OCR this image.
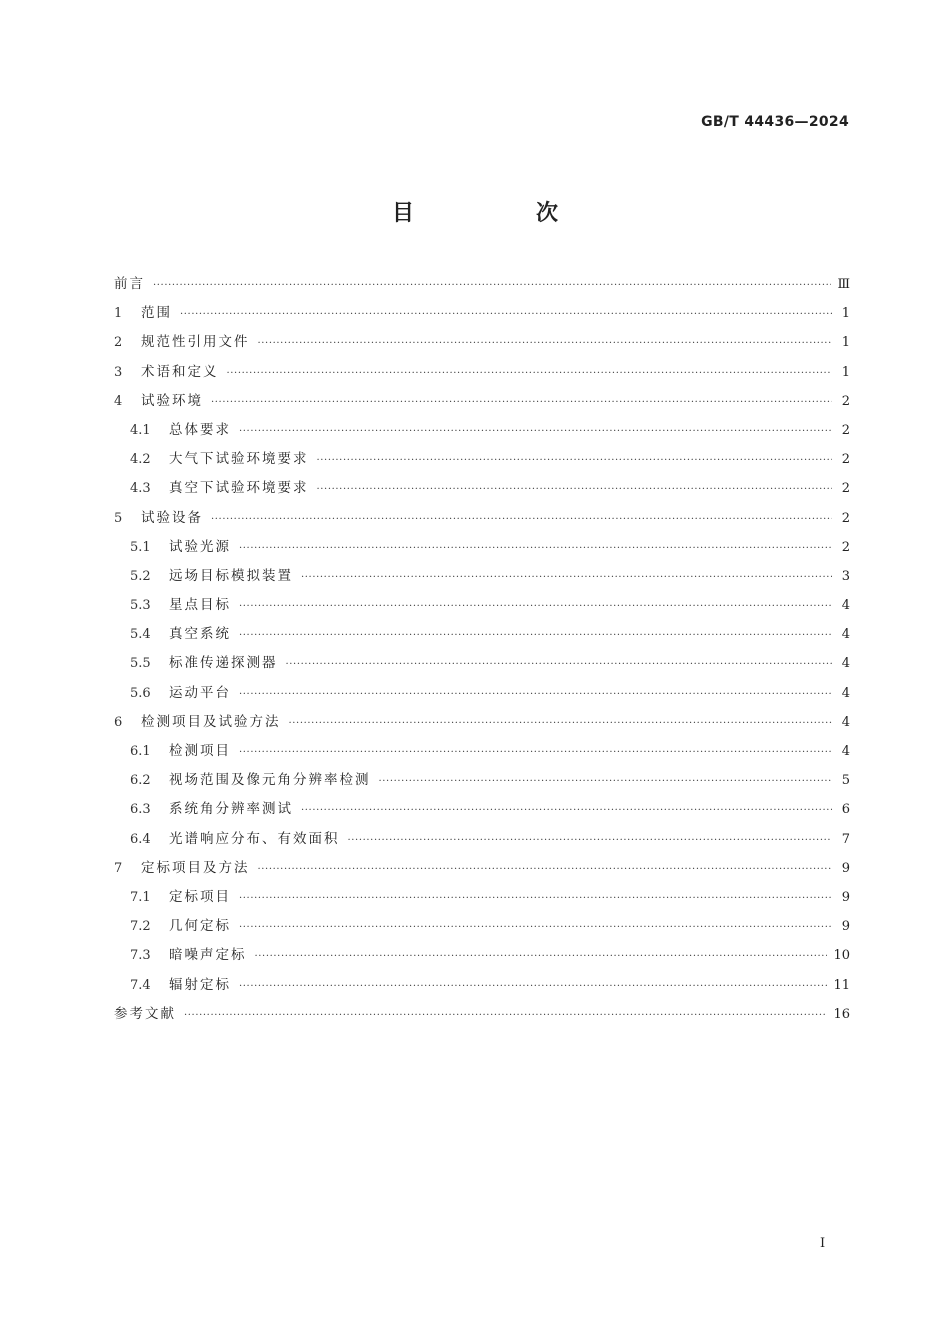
GB/T 44436—2024
目　次
前言 ·····	Ⅲ
1	范围 ·····	1
2	规范性引用文件 ·····	1
3	术语和定义 ·····	1
4	试验环境 ·····	2
4.1	总体要求 ·····	2
4.2	大气下试验环境要求 ·····	2
4.3	真空下试验环境要求 ·····	2
5	试验设备 ·····	2
5.1	试验光源 ·····	2
5.2	远场目标模拟装置 ·····	3
5.3	星点目标 ·····	4
5.4	真空系统 ·····	4
5.5	标准传递探测器 ·····	4
5.6	运动平台 ·····	4
6	检测项目及试验方法 ·····	4
6.1	检测项目 ·····	4
6.2	视场范围及像元角分辨率检测 ·····	5
6.3	系统角分辨率测试 ·····	6
6.4	光谱响应分布、有效面积 ·····	7
7	定标项目及方法 ·····	9
7.1	定标项目 ·····	9
7.2	几何定标 ·····	9
7.3	暗噪声定标 ·····	10
7.4	辐射定标 ·····	11
参考文献 ·····	16
Ⅰ
